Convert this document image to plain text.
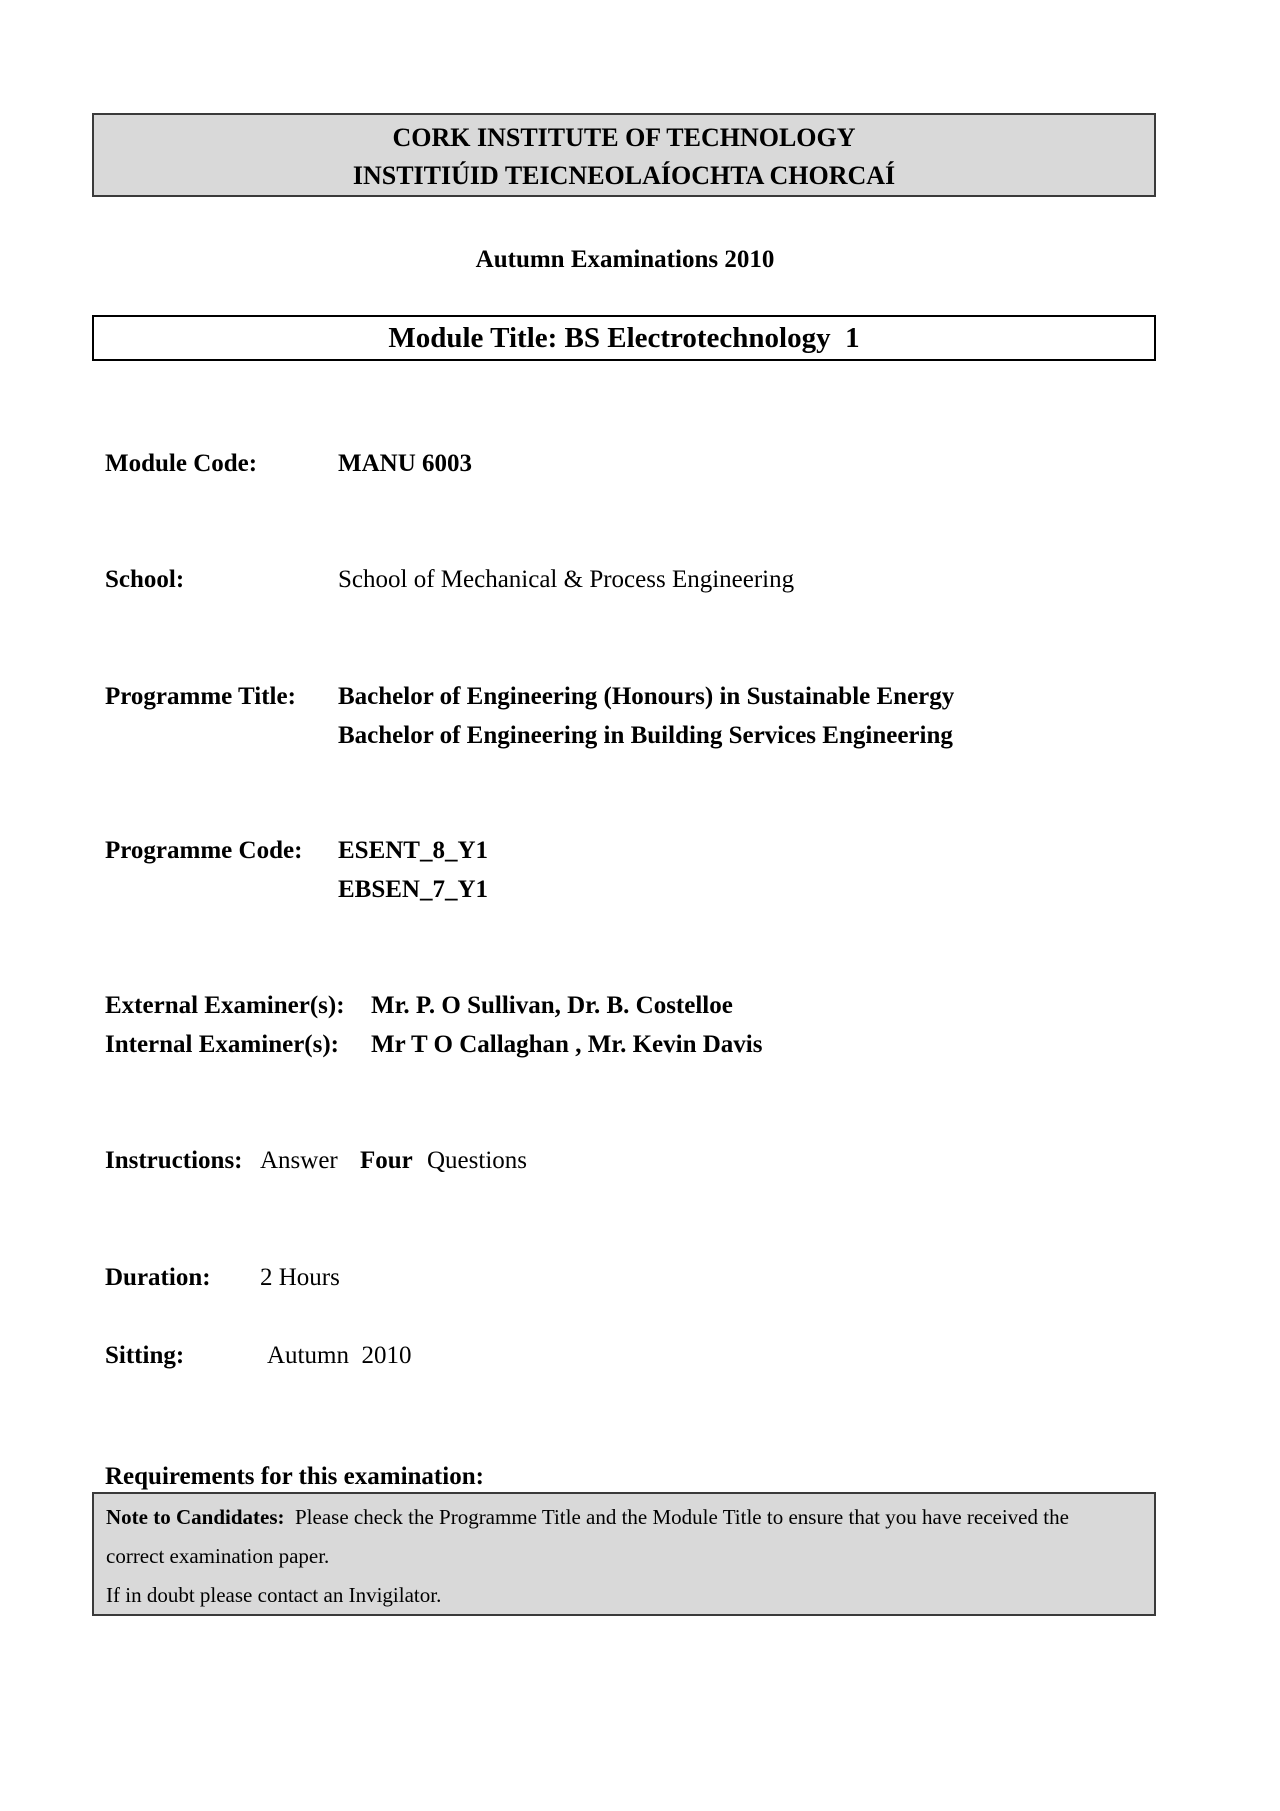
CORK INSTITUTE OF TECHNOLOGY
INSTITIÚID TEICNEOLAÍOCHTA CHORCAÍ
Autumn Examinations 2010
Module Title: BS Electrotechnology  1
Module Code:	MANU 6003
School:	School of Mechanical & Process Engineering
Programme Title: Bachelor of Engineering (Honours) in Sustainable Energy
Bachelor of Engineering in Building Services Engineering
Programme Code: ESENT_8_Y1
EBSEN_7_Y1
External Examiner(s): Mr. P. O Sullivan, Dr. B. Costelloe
Internal Examiner(s): Mr T O Callaghan , Mr. Kevin Davis
Instructions: Answer Four Questions
Duration: 2 Hours
Sitting:	Autumn  2010
Requirements for this examination:
Note to Candidates: Please check the Programme Title and the Module Title to ensure that you have received the
correct examination paper.
If in doubt please contact an Invigilator.
